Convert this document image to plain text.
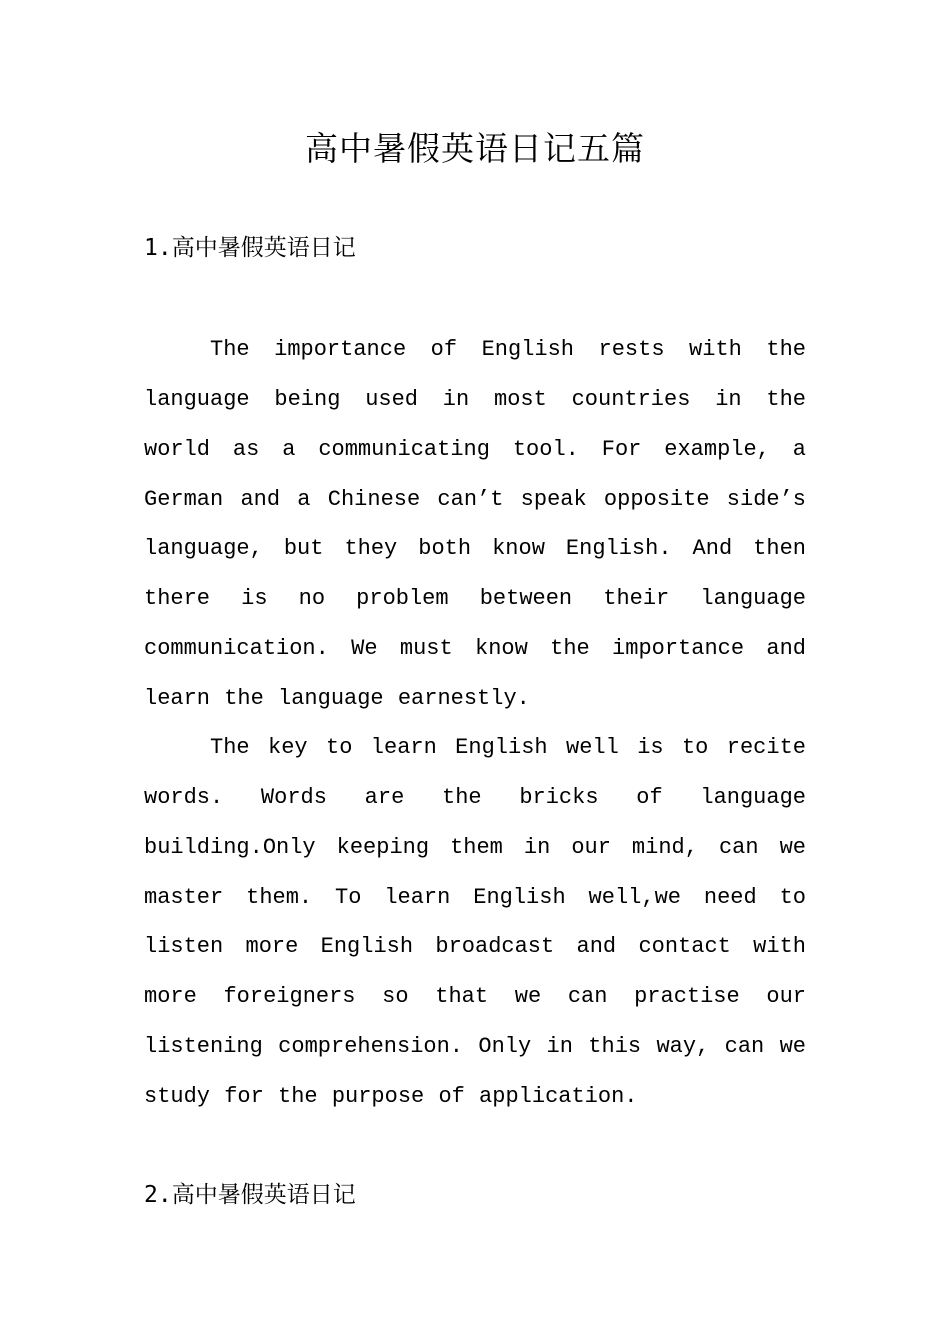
高中暑假英语日记五篇
1.高中暑假英语日记

The importance of English rests with the language being used in most countries in the world as a communicating tool. For example, a German and a Chinese can’t speak opposite side’s language, but they both know English. And then there is no problem between their language communication. We must know the importance and learn the language earnestly.

The key to learn English well is to recite words. Words are the bricks of language building.Only keeping them in our mind, can we master them. To learn English well,we need to listen more English broadcast and contact with more foreigners so that we can practise our listening comprehension. Only in this way, can we study for the purpose of application.

2.高中暑假英语日记
